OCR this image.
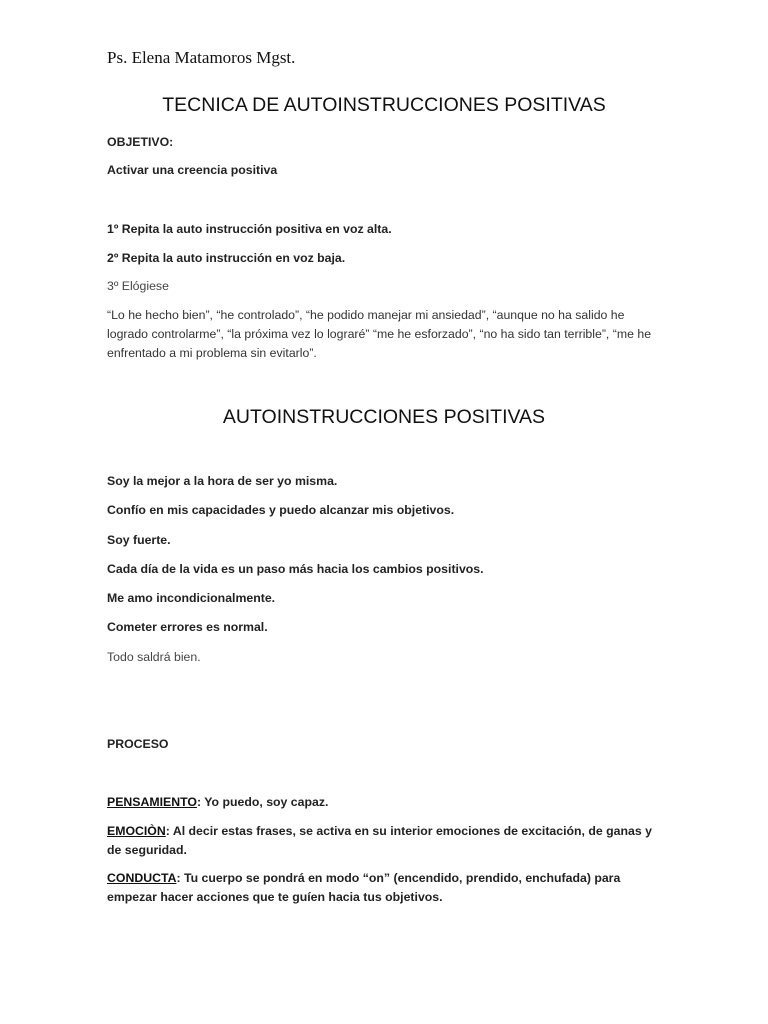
Ps. Elena Matamoros Mgst.
TECNICA DE AUTOINSTRUCCIONES POSITIVAS
OBJETIVO:
Activar una creencia positiva
1º Repita la auto instrucción positiva en voz alta.
2º Repita la auto instrucción en voz baja.
3º Elógiese
“Lo he hecho bien”, “he controlado”, “he podido manejar mi ansiedad”, “aunque no ha salido he logrado controlarme”, “la próxima vez lo lograré” “me he esforzado”, “no ha sido tan terrible”, “me he enfrentado a mi problema sin evitarlo”.
AUTOINSTRUCCIONES POSITIVAS
Soy la mejor a la hora de ser yo misma.
Confío en mis capacidades y puedo alcanzar mis objetivos.
Soy fuerte.
Cada día de la vida es un paso más hacia los cambios positivos.
Me amo incondicionalmente.
Cometer errores es normal.
Todo saldrá bien.
PROCESO
PENSAMIENTO: Yo puedo, soy capaz.
EMOCIÒN: Al decir estas frases, se activa en su interior emociones de excitación, de ganas y de seguridad.
CONDUCTA: Tu cuerpo se pondrá en modo “on” (encendido, prendido, enchufada) para empezar hacer acciones que te guíen hacia tus objetivos.
